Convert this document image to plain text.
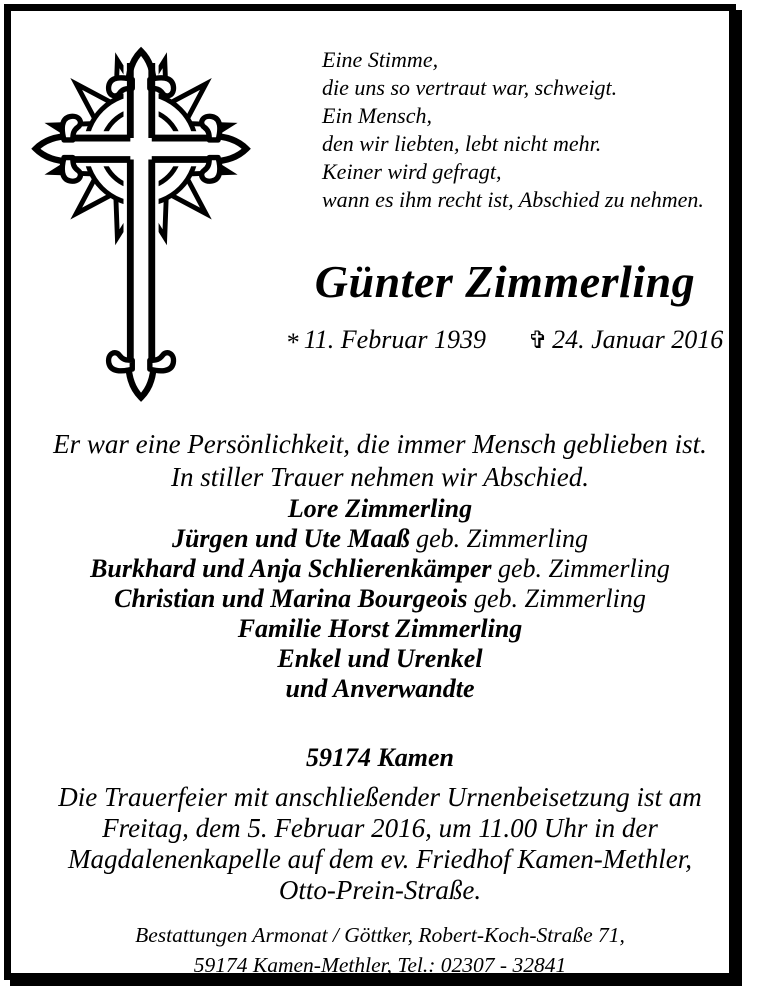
Eine Stimme,
die uns so vertraut war, schweigt.
Ein Mensch,
den wir liebten, lebt nicht mehr.
Keiner wird gefragt,
wann es ihm recht ist, Abschied zu nehmen.
Günter Zimmerling
* 11. Februar 1939 ✞ 24. Januar 2016
Er war eine Persönlichkeit, die immer Mensch geblieben ist.
In stiller Trauer nehmen wir Abschied.
Lore Zimmerling
Jürgen und Ute Maaß geb. Zimmerling
Burkhard und Anja Schlierenkämper geb. Zimmerling
Christian und Marina Bourgeois geb. Zimmerling
Familie Horst Zimmerling
Enkel und Urenkel
und Anverwandte
59174 Kamen
Die Trauerfeier mit anschließender Urnenbeisetzung ist am
Freitag, dem 5. Februar 2016, um 11.00 Uhr in der
Magdalenenkapelle auf dem ev. Friedhof Kamen-Methler,
Otto-Prein-Straße.
Bestattungen Armonat / Göttker, Robert-Koch-Straße 71,
59174 Kamen-Methler, Tel.: 02307 - 32841
